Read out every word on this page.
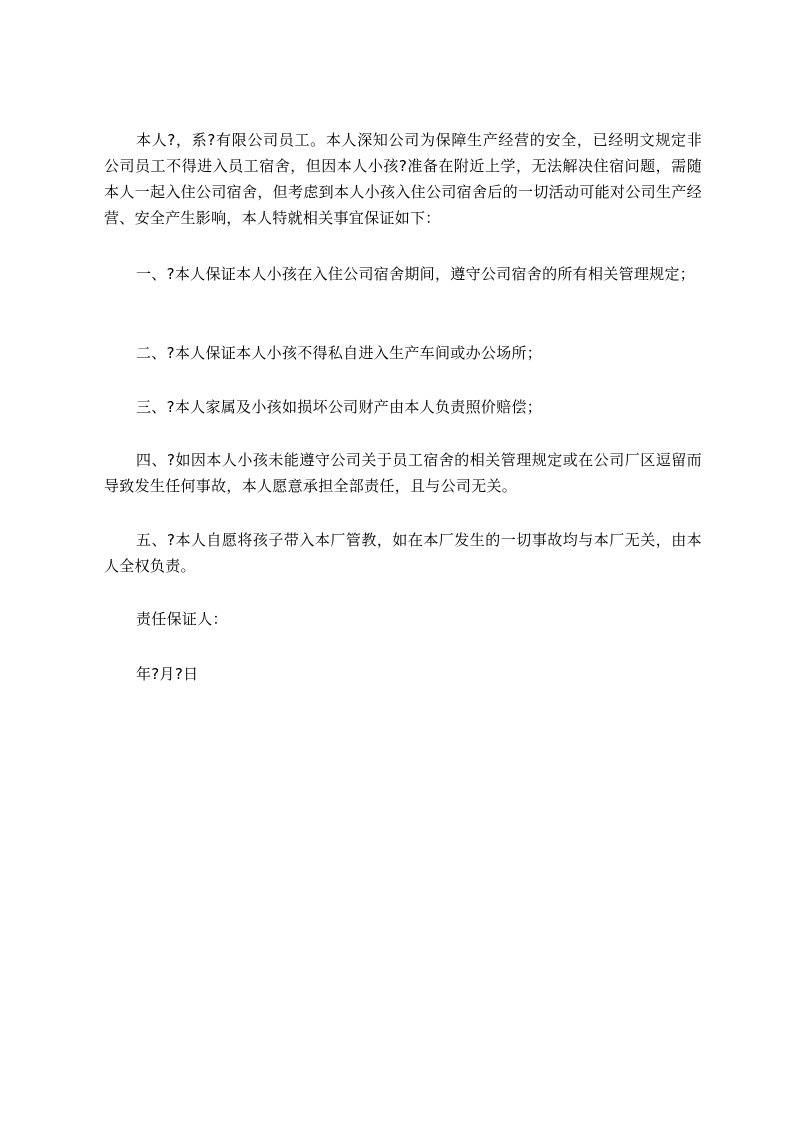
本人?，系?有限公司员工。本人深知公司为保障生产经营的安全，已经明文规定非公司员工不得进入员工宿舍，但因本人小孩?准备在附近上学，无法解决住宿问题，需随本人一起入住公司宿舍，但考虑到本人小孩入住公司宿舍后的一切活动可能对公司生产经营、安全产生影响，本人特就相关事宜保证如下：

一、?本人保证本人小孩在入住公司宿舍期间，遵守公司宿舍的所有相关管理规定；

二、?本人保证本人小孩不得私自进入生产车间或办公场所；

三、?本人家属及小孩如损坏公司财产由本人负责照价赔偿；

四、?如因本人小孩未能遵守公司关于员工宿舍的相关管理规定或在公司厂区逗留而导致发生任何事故，本人愿意承担全部责任，且与公司无关。

五、?本人自愿将孩子带入本厂管教，如在本厂发生的一切事故均与本厂无关，由本人全权负责。

责任保证人：

年?月?日
